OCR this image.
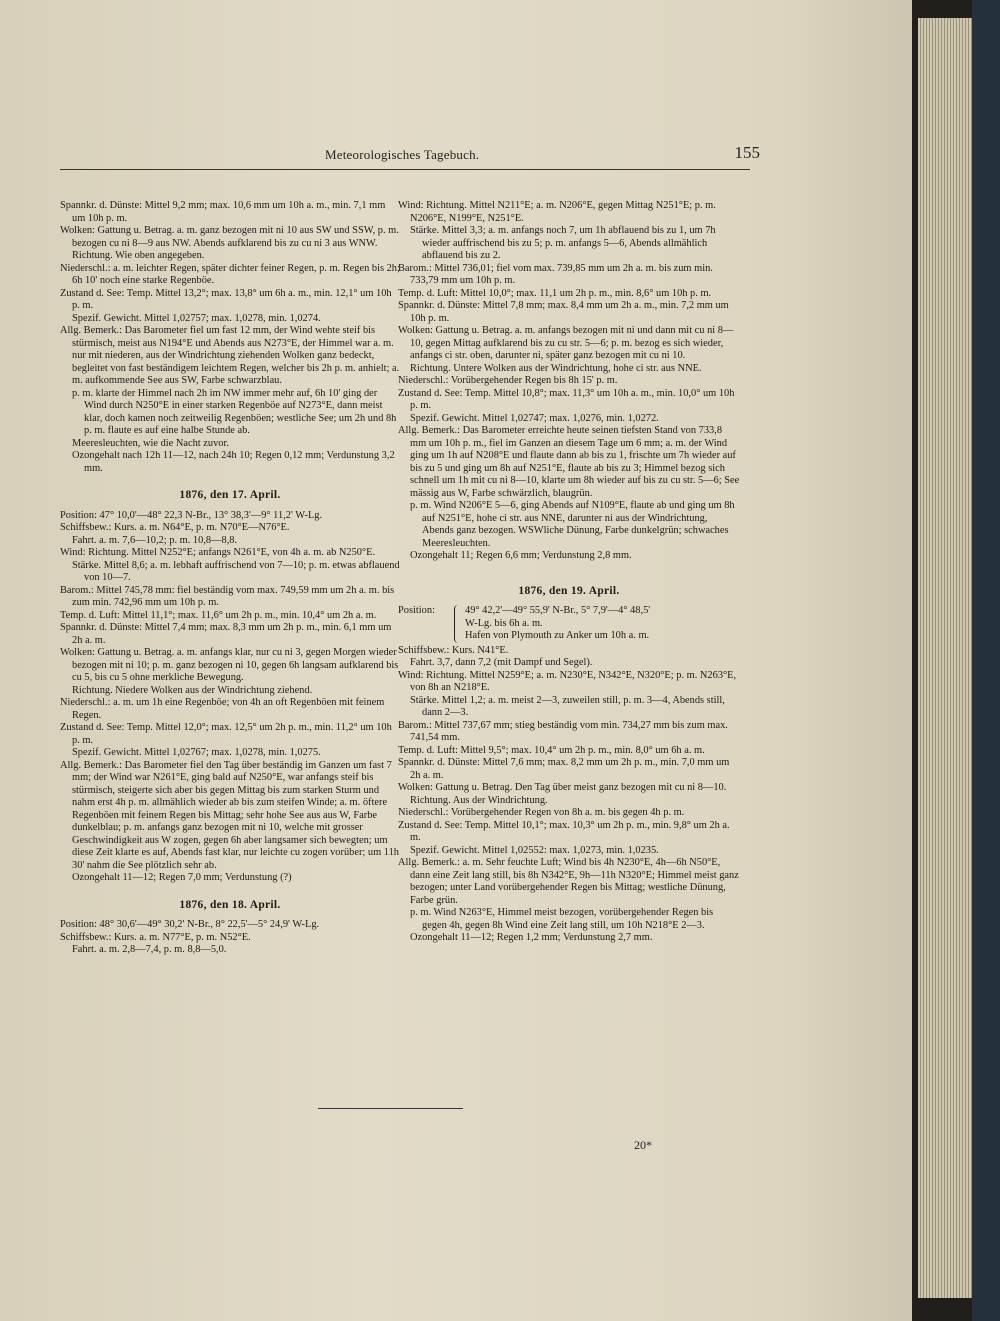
Meteorologisches Tagebuch.	155
Spannkr. d. Dünste: Mittel 9,2 mm; max. 10,6 mm um 10h a. m., min. 7,1 mm um 10h p. m.
Wolken: Gattung u. Betrag. a. m. ganz bezogen mit ni 10 aus SW und SSW, p. m. bezogen cu ni 8—9 aus NW. Abends aufklarend bis zu cu ni 3 aus WNW.
Richtung. Wie oben angegeben.
Niederschl.: a. m. leichter Regen, später dichter feiner Regen, p. m. Regen bis 2h; 6h 10' noch eine starke Regenböe.
Zustand d. See: Temp. Mittel 13,2°; max. 13,8° um 6h a. m., min. 12,1° um 10h p. m.
Spezif. Gewicht. Mittel 1,02757; max. 1,0278, min. 1,0274.
Allg. Bemerk.: Das Barometer fiel um fast 12 mm, der Wind wehte steif bis stürmisch, meist aus N194°E und Abends aus N273°E, der Himmel war a. m. nur mit niederen, aus der Windrichtung ziehenden Wolken ganz bedeckt, begleitet von fast beständigem leichtem Regen, welcher bis 2h p. m. anhielt; a. m. aufkommende See aus SW, Farbe schwarzblau.
p. m. klarte der Himmel nach 2h im NW immer mehr auf, 6h 10' ging der Wind durch N250°E in einer starken Regenböe auf N273°E, dann meist klar, doch kamen noch zeitweilig Regenböen; westliche See; um 2h und 8h p. m. flaute es auf eine halbe Stunde ab.
Meeresleuchten, wie die Nacht zuvor.
Ozongehalt nach 12h 11—12, nach 24h 10; Regen 0,12 mm; Verdunstung 3,2 mm.
1876, den 17. April.
Position: 47° 10,0'—48° 22,3 N-Br., 13° 38,3'—9° 11,2' W-Lg.
Schiffsbew.: Kurs. a. m. N64°E, p. m. N70°E—N76°E.
Fahrt. a. m. 7,6—10,2; p. m. 10,8—8,8.
Wind: Richtung. Mittel N252°E; anfangs N261°E, von 4h a. m. ab N250°E.
Stärke. Mittel 8,6; a. m. lebhaft auffrischend von 7—10; p. m. etwas abflauend von 10—7.
Barom.: Mittel 745,78 mm: fiel beständig vom max. 749,59 mm um 2h a. m. bis zum min. 742,96 mm um 10h p. m.
Temp. d. Luft: Mittel 11,1°; max. 11,6° um 2h p. m., min. 10,4° um 2h a. m.
Spannkr. d. Dünste: Mittel 7,4 mm; max. 8,3 mm um 2h p. m., min. 6,1 mm um 2h a. m.
Wolken: Gattung u. Betrag. a. m. anfangs klar, nur cu ni 3, gegen Morgen wieder bezogen mit ni 10; p. m. ganz bezogen ni 10, gegen 6h langsam aufklarend bis cu 5, bis cu 5 ohne merkliche Bewegung.
Richtung. Niedere Wolken aus der Windrichtung ziehend.
Niederschl.: a. m. um 1h eine Regenböe; von 4h an oft Regenböen mit feinem Regen.
Zustand d. See: Temp. Mittel 12,0°; max. 12,5° um 2h p. m., min. 11,2° um 10h p. m.
Spezif. Gewicht. Mittel 1,02767; max. 1,0278, min. 1,0275.
Allg. Bemerk.: Das Barometer fiel den Tag über beständig im Ganzen um fast 7 mm; der Wind war N261°E, ging bald auf N250°E, war anfangs steif bis stürmisch, steigerte sich aber bis gegen Mittag bis zum starken Sturm und nahm erst 4h p. m. allmählich wieder ab bis zum steifen Winde; a. m. öftere Regenböen mit feinem Regen bis Mittag; sehr hohe See aus aus W, Farbe dunkelblau; p. m. anfangs ganz bezogen mit ni 10, welche mit grosser Geschwindigkeit aus W zogen, gegen 6h aber langsamer sich bewegten; um diese Zeit klarte es auf, Abends fast klar, nur leichte cu zogen vorüber; um 11h 30' nahm die See plötzlich sehr ab.
Ozongehalt 11—12; Regen 7,0 mm; Verdunstung (?)
1876, den 18. April.
Position: 48° 30,6'—49° 30,2' N-Br., 8° 22,5'—5° 24,9' W-Lg.
Schiffsbew.: Kurs. a. m. N77°E, p. m. N52°E.
Fahrt. a. m. 2,8—7,4, p. m. 8,8—5,0.
Wind: Richtung. Mittel N211°E; a. m. N206°E, gegen Mittag N251°E; p. m. N206°E, N199°E, N251°E.
Stärke. Mittel 3,3; a. m. anfangs noch 7, um 1h abflauend bis zu 1, um 7h wieder auffrischend bis zu 5; p. m. anfangs 5—6, Abends allmählich abflauend bis zu 2.
Barom.: Mittel 736,01; fiel vom max. 739,85 mm um 2h a. m. bis zum min. 733,79 mm um 10h p. m.
Temp. d. Luft: Mittel 10,0°; max. 11,1 um 2h p. m., min. 8,6° um 10h p. m.
Spannkr. d. Dünste: Mittel 7,8 mm; max. 8,4 mm um 2h a. m., min. 7,2 mm um 10h p. m.
Wolken: Gattung u. Betrag. a. m. anfangs bezogen mit ni und dann mit cu ni 8—10, gegen Mittag aufklarend bis zu cu str. 5—6; p. m. bezog es sich wieder, anfangs ci str. oben, darunter ni, später ganz bezogen mit cu ni 10.
Richtung. Untere Wolken aus der Windrichtung, hohe ci str. aus NNE.
Niederschl.: Vorübergehender Regen bis 8h 15' p. m.
Zustand d. See: Temp. Mittel 10,8°; max. 11,3° um 10h a. m., min. 10,0° um 10h p. m.
Spezif. Gewicht. Mittel 1,02747; max. 1,0276, min. 1,0272.
Allg. Bemerk.: Das Barometer erreichte heute seinen tiefsten Stand von 733,8 mm um 10h p. m., fiel im Ganzen an diesem Tage um 6 mm; a. m. der Wind ging um 1h auf N208°E und flaute dann ab bis zu 1, frischte um 7h wieder auf bis zu 5 und ging um 8h auf N251°E, flaute ab bis zu 3; Himmel bezog sich schnell um 1h mit cu ni 8—10, klarte um 8h wieder auf bis zu cu str. 5—6; See mässig aus W, Farbe schwärzlich, blaugrün.
p. m. Wind N206°E 5—6, ging Abends auf N109°E, flaute ab und ging um 8h auf N251°E, hohe ci str. aus NNE, darunter ni aus der Windrichtung, Abends ganz bezogen. WSWliche Dünung, Farbe dunkelgrün; schwaches Meeresleuchten.
Ozongehalt 11; Regen 6,6 mm; Verdunstung 2,8 mm.
1876, den 19. April.
Position:	49° 42,2'—49° 55,9' N-Br., 5° 7,9'—4° 48,5'
W-Lg. bis 6h a. m.
Hafen von Plymouth zu Anker um 10h a. m.
Schiffsbew.: Kurs. N41°E.
Fahrt. 3,7, dann 7,2 (mit Dampf und Segel).
Wind: Richtung. Mittel N259°E; a. m. N230°E, N342°E, N320°E; p. m. N263°E, von 8h an N218°E.
Stärke. Mittel 1,2; a. m. meist 2—3, zuweilen still, p. m. 3—4, Abends still, dann 2—3.
Barom.: Mittel 737,67 mm; stieg beständig vom min. 734,27 mm bis zum max. 741,54 mm.
Temp. d. Luft: Mittel 9,5°; max. 10,4° um 2h p. m., min. 8,0° um 6h a. m.
Spannkr. d. Dünste: Mittel 7,6 mm; max. 8,2 mm um 2h p. m., min. 7,0 mm um 2h a. m.
Wolken: Gattung u. Betrag. Den Tag über meist ganz bezogen mit cu ni 8—10.
Richtung. Aus der Windrichtung.
Niederschl.: Vorübergehender Regen von 8h a. m. bis gegen 4h p. m.
Zustand d. See: Temp. Mittel 10,1°; max. 10,3° um 2h p. m., min. 9,8° um 2h a. m.
Spezif. Gewicht. Mittel 1,02552: max. 1,0273, min. 1,0235.
Allg. Bemerk.: a. m. Sehr feuchte Luft; Wind bis 4h N230°E, 4h—6h N50°E, dann eine Zeit lang still, bis 8h N342°E, 9h—11h N320°E; Himmel meist ganz bezogen; unter Land vorübergehender Regen bis Mittag; westliche Dünung, Farbe grün.
p. m. Wind N263°E, Himmel meist bezogen, vorübergehender Regen bis gegen 4h, gegen 8h Wind eine Zeit lang still, um 10h N218°E 2—3.
Ozongehalt 11—12; Regen 1,2 mm; Verdunstung 2,7 mm.
20*
